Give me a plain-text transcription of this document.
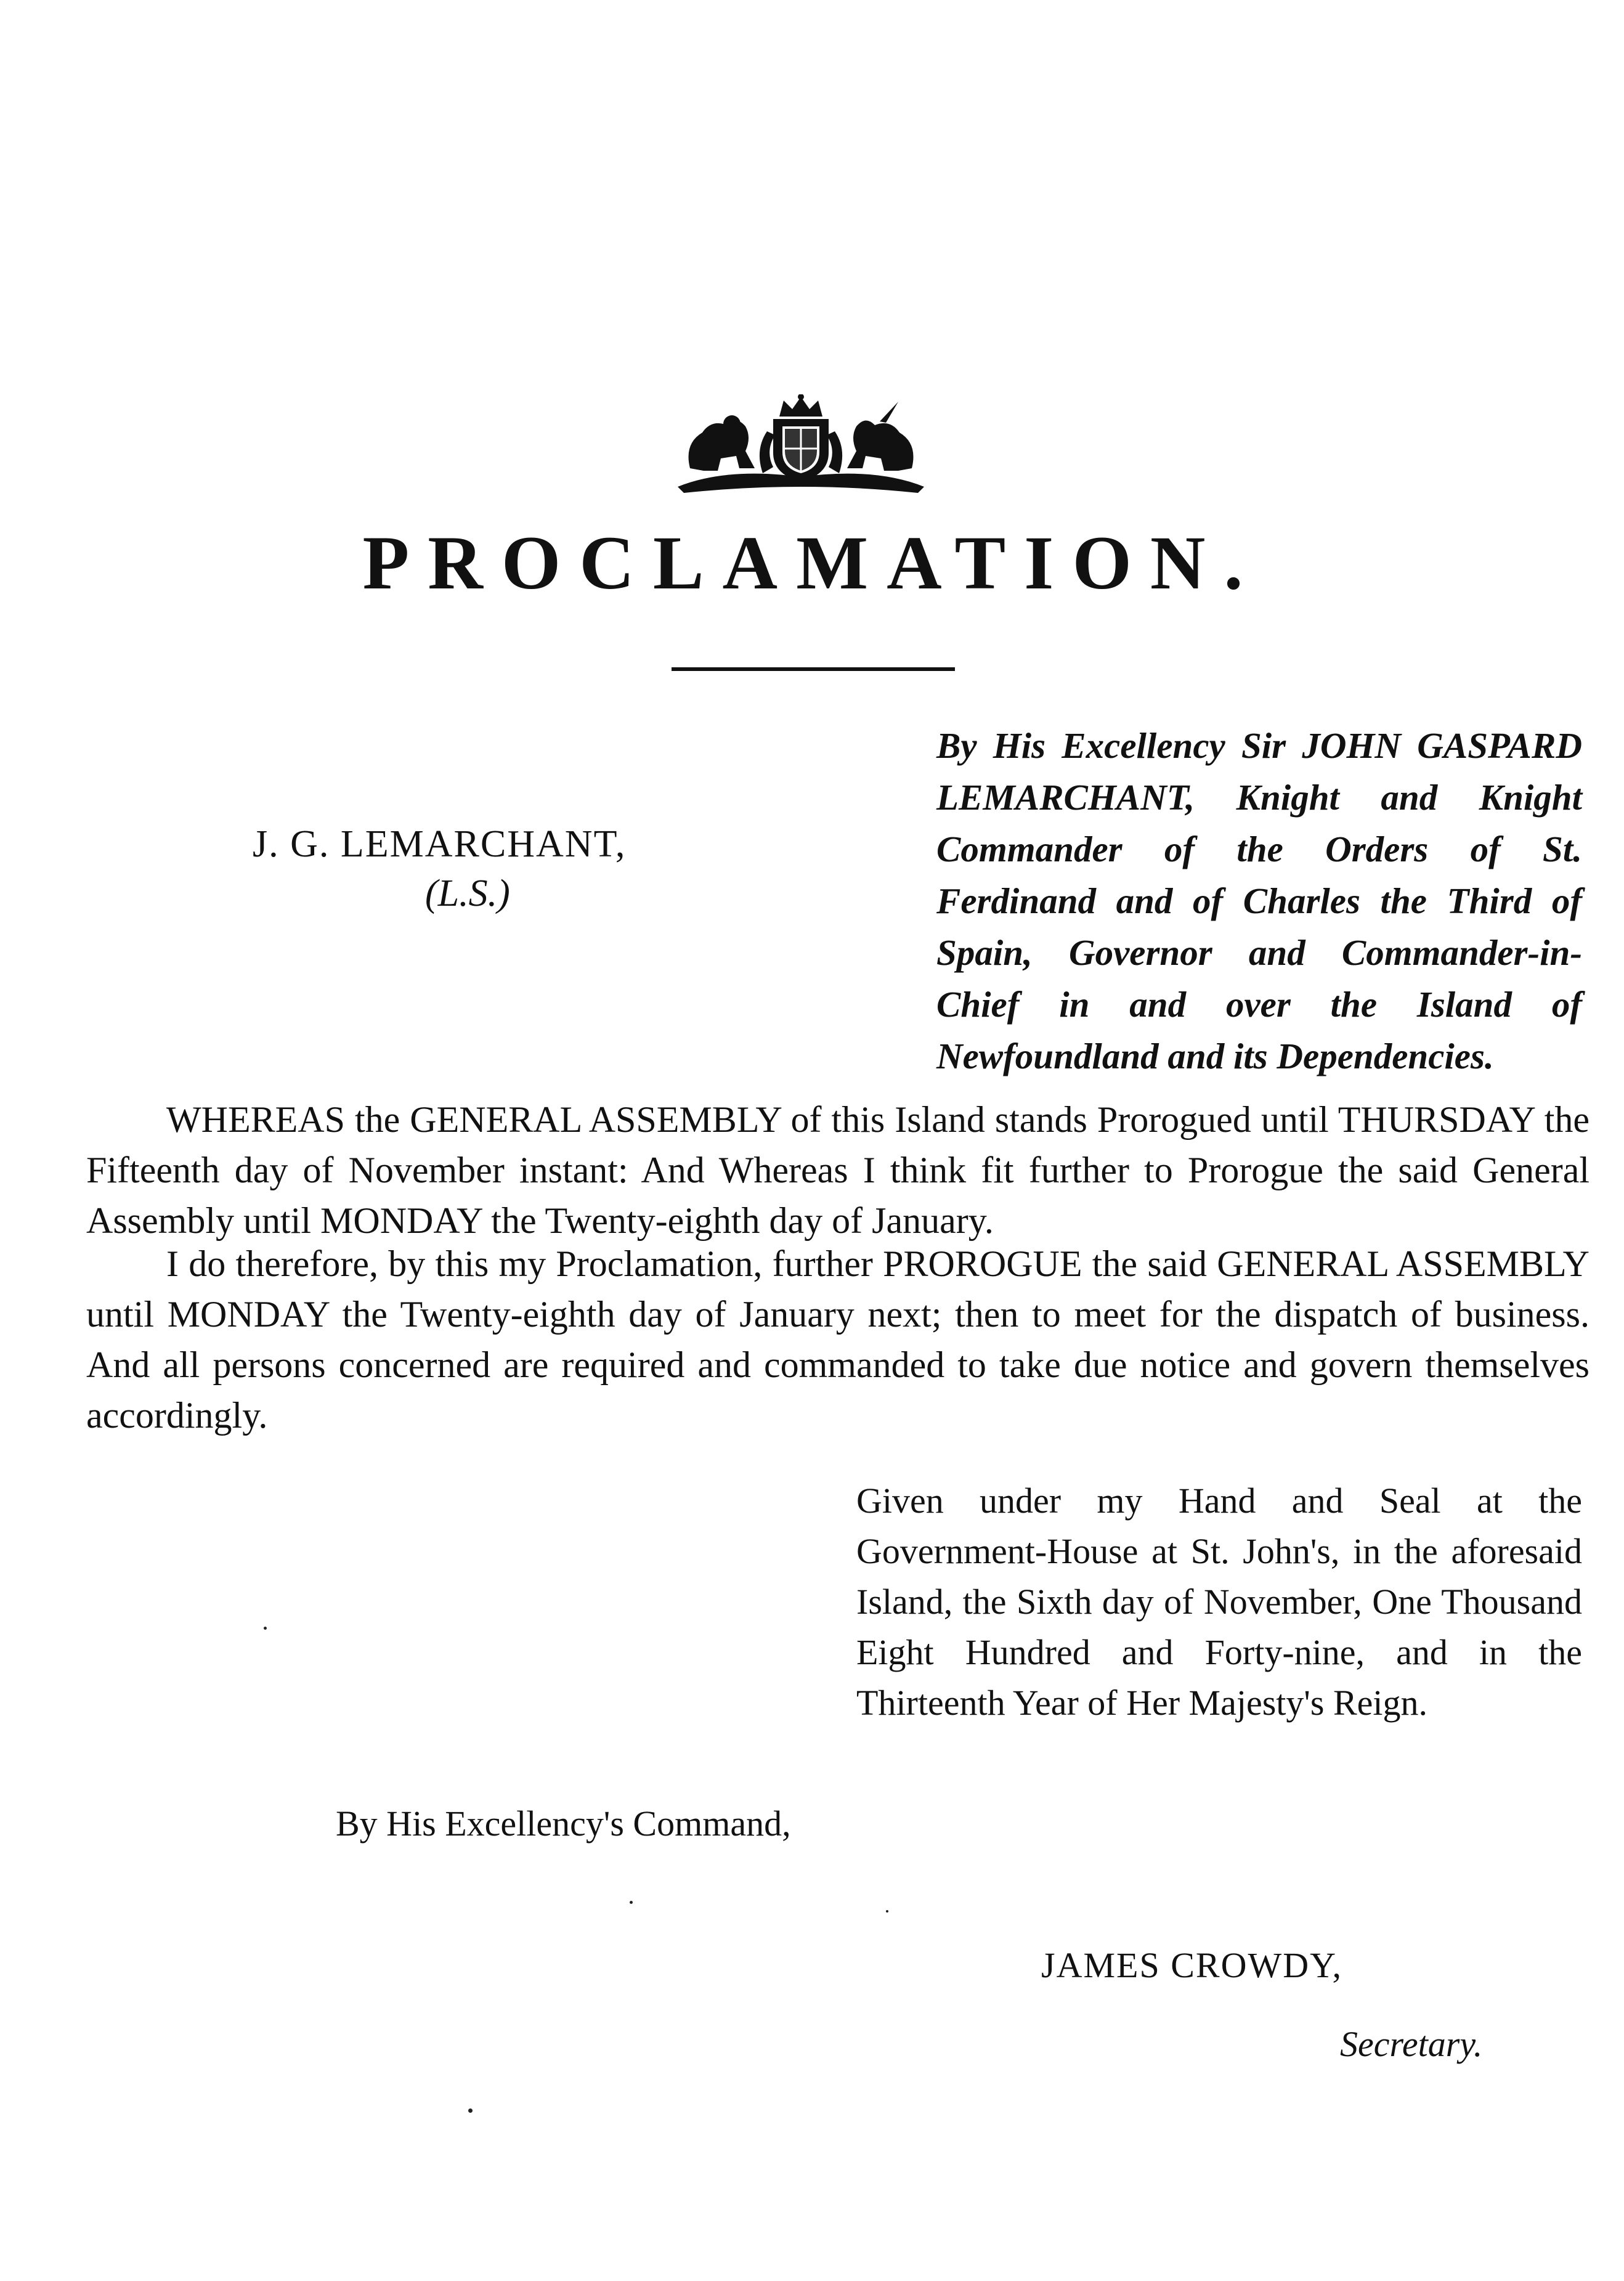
PROCLAMATION.
J. G. LEMARCHANT,
(L.S.)
By His Excellency Sir JOHN GASPARD LEMARCHANT, Knight and Knight Commander of the Orders of St. Ferdinand and of Charles the Third of Spain, Governor and Commander-in-Chief in and over the Island of Newfoundland and its Dependencies.
WHEREAS the GENERAL ASSEMBLY of this Island stands Prorogued until THURSDAY the Fifteenth day of November instant: And Whereas I think fit further to Prorogue the said General Assembly until MONDAY the Twenty-eighth day of January.
I do therefore, by this my Proclamation, further PROROGUE the said GENERAL ASSEMBLY until MONDAY the Twenty-eighth day of January next; then to meet for the dispatch of business. And all persons concerned are required and commanded to take due notice and govern themselves accordingly.
Given under my Hand and Seal at the Government-House at St. John's, in the aforesaid Island, the Sixth day of November, One Thousand Eight Hundred and Forty-nine, and in the Thirteenth Year of Her Majesty's Reign.
By His Excellency's Command,
JAMES CROWDY,
Secretary.
